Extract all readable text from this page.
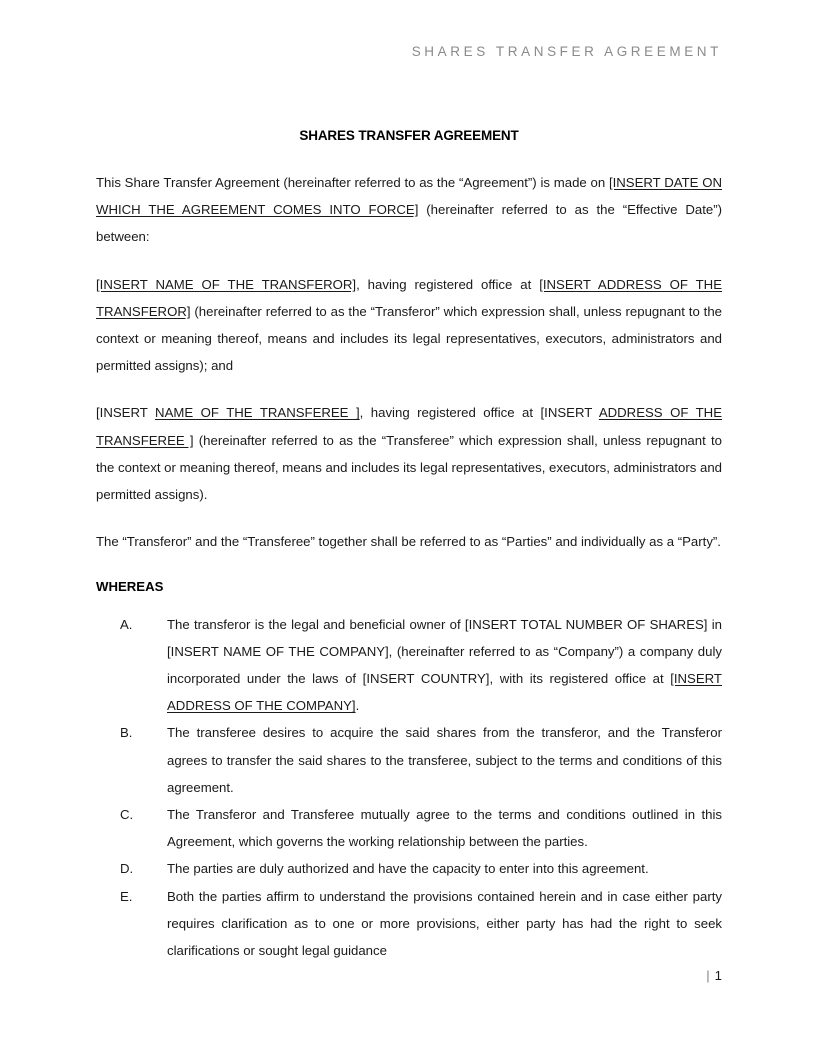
SHARES TRANSFER AGREEMENT
SHARES TRANSFER AGREEMENT

This Share Transfer Agreement (hereinafter referred to as the “Agreement”) is made on [INSERT DATE ON WHICH THE AGREEMENT COMES INTO FORCE] (hereinafter referred to as the “Effective Date”) between:

[INSERT NAME OF THE TRANSFEROR], having registered office at [INSERT ADDRESS OF THE TRANSFEROR] (hereinafter referred to as the “Transferor” which expression shall, unless repugnant to the context or meaning thereof, means and includes its legal representatives, executors, administrators and permitted assigns); and

[INSERT NAME OF THE TRANSFEREE ], having registered office at [INSERT ADDRESS OF THE TRANSFEREE ] (hereinafter referred to as the “Transferee” which expression shall, unless repugnant to the context or meaning thereof, means and includes its legal representatives, executors, administrators and permitted assigns).

The “Transferor” and the “Transferee” together shall be referred to as “Parties” and individually as a “Party”.

WHEREAS
A.	The transferor is the legal and beneficial owner of [INSERT TOTAL NUMBER OF SHARES] in [INSERT NAME OF THE COMPANY], (hereinafter referred to as “Company”) a company duly incorporated under the laws of [INSERT COUNTRY], with its registered office at [INSERT ADDRESS OF THE COMPANY].
B.	The transferee desires to acquire the said shares from the transferor, and the Transferor agrees to transfer the said shares to the transferee, subject to the terms and conditions of this agreement.
C.	The Transferor and Transferee mutually agree to the terms and conditions outlined in this Agreement, which governs the working relationship between the parties.
D.	The parties are duly authorized and have the capacity to enter into this agreement.
E.	Both the parties affirm to understand the provisions contained herein and in case either party requires clarification as to one or more provisions, either party has had the right to seek clarifications or sought legal guidance
| 1
